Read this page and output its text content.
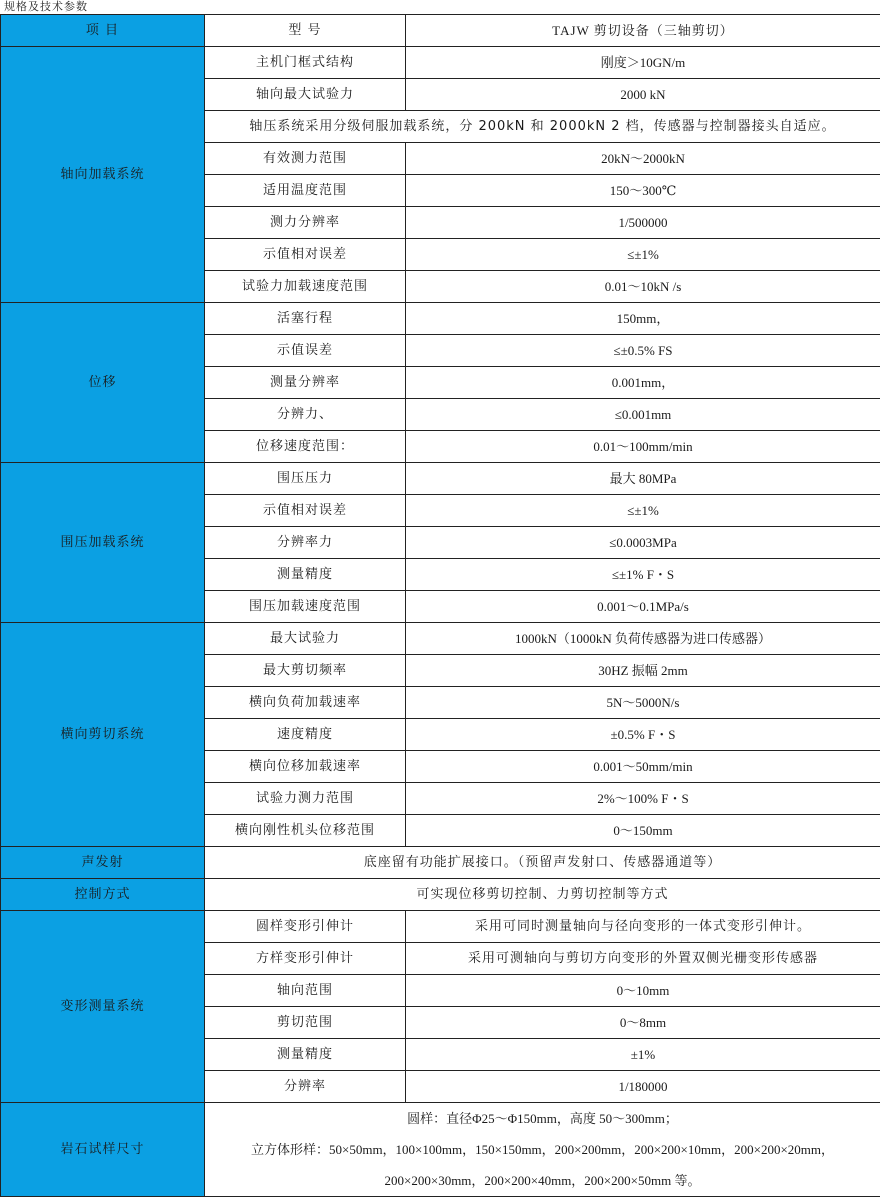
规格及技术参数
项 目	型 号	TAJW 剪切设备（三轴剪切）
轴向加载系统	主机门框式结构	刚度＞10GN/m
	轴向最大试验力	2000 kN
	轴压系统采用分级伺服加载系统，分 200kN 和 2000kN 2 档，传感器与控制器接头自适应。	
	有效测力范围	20kN～2000kN
	适用温度范围	150～300℃
	测力分辨率	1/500000
	示值相对误差	≤±1%
	试验力加载速度范围	0.01～10kN /s
位移	活塞行程	150mm，
	示值误差	≤±0.5% FS
	测量分辨率	0.001mm，
	分辨力、	≤0.001mm
	位移速度范围：	0.01～100mm/min
围压加载系统	围压压力	最大 80MPa
	示值相对误差	≤±1%
	分辨率力	≤0.0003MPa
	测量精度	≤±1% F・S
	围压加载速度范围	0.001～0.1MPa/s
横向剪切系统	最大试验力	1000kN（1000kN 负荷传感器为进口传感器）
	最大剪切频率	30HZ 振幅 2mm
	横向负荷加载速率	5N～5000N/s
	速度精度	±0.5% F・S
	横向位移加载速率	0.001～50mm/min
	试验力测力范围	2%～100% F・S
	横向刚性机头位移范围	0～150mm
声发射	底座留有功能扩展接口。（预留声发射口、传感器通道等）	
控制方式	可实现位移剪切控制、力剪切控制等方式	
变形测量系统	圆样变形引伸计	采用可同时测量轴向与径向变形的一体式变形引伸计。
	方样变形引伸计	采用可测轴向与剪切方向变形的外置双侧光栅变形传感器
	轴向范围	0～10mm
	剪切范围	0～8mm
	测量精度	±1%
	分辨率	1/180000
岩石试样尺寸	圆样：直径Φ25～Φ150mm，高度 50～300mm；
立方体形样：50×50mm，100×100mm，150×150mm，200×200mm，200×200×10mm，200×200×20mm，
200×200×30mm，200×200×40mm，200×200×50mm 等。	
